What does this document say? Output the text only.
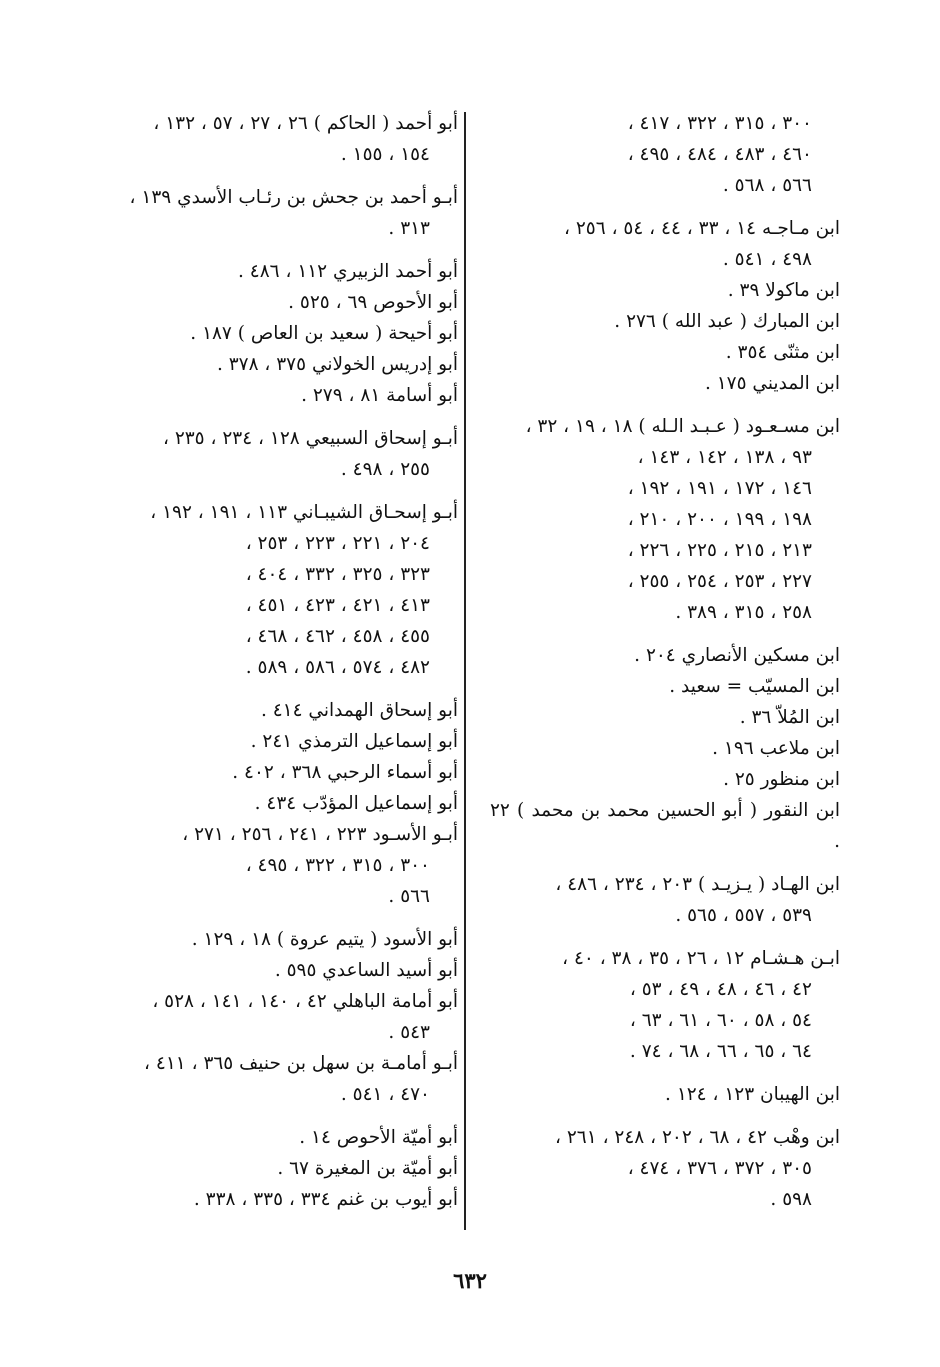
٣٠٠ ، ٣١٥ ، ٣٢٢ ، ٤١٧ ،
٤٦٠ ، ٤٨٣ ، ٤٨٤ ، ٤٩٥ ،
٥٦٦ ، ٥٦٨ .
ابن مـاجـه ١٤ ، ٣٣ ، ٤٤ ، ٥٤ ، ٢٥٦ ،
٤٩٨ ، ٥٤١ .
ابن ماكولا ٣٩ .
ابن المبارك ( عبد الله ) ٢٧٦ .
ابن مثنّى ٣٥٤ .
ابن المديني ١٧٥ .
ابن مسـعـود ( عـبـد الـله ) ١٨ ، ١٩ ، ٣٢ ،
٩٣ ، ١٣٨ ، ١٤٢ ، ١٤٣ ،
١٤٦ ، ١٧٢ ، ١٩١ ، ١٩٢ ،
١٩٨ ، ١٩٩ ، ٢٠٠ ، ٢١٠ ،
٢١٣ ، ٢١٥ ، ٢٢٥ ، ٢٢٦ ،
٢٢٧ ، ٢٥٣ ، ٢٥٤ ، ٢٥٥ ،
٢٥٨ ، ٣١٥ ، ٣٨٩ .
ابن مسكين الأنصاري ٢٠٤ .
ابن المسيّب = سعيد .
ابن المُلاّ ٣٦ .
ابن ملاعب ١٩٦ .
ابن منظور ٢٥ .
ابن النقور ( أبو الحسين محمد بن محمد ) ٢٢ .
ابن الهـاد ( يـزيـد ) ٢٠٣ ، ٢٣٤ ، ٤٨٦ ،
٥٣٩ ، ٥٥٧ ، ٥٦٥ .
ابـن هـشـام ١٢ ، ٢٦ ، ٣٥ ، ٣٨ ، ٤٠ ،
٤٢ ، ٤٦ ، ٤٨ ، ٤٩ ، ٥٣ ،
٥٤ ، ٥٨ ، ٦٠ ، ٦١ ، ٦٣ ،
٦٤ ، ٦٥ ، ٦٦ ، ٦٨ ، ٧٤ .
ابن الهيبان ١٢٣ ، ١٢٤ .
ابن وهْب ٤٢ ، ٦٨ ، ٢٠٢ ، ٢٤٨ ، ٢٦١ ،
٣٠٥ ، ٣٧٢ ، ٣٧٦ ، ٤٧٤ ،
٥٩٨ .
أبو أحمد ( الحاكم ) ٢٦ ، ٢٧ ، ٥٧ ، ١٣٢ ،
١٥٤ ، ١٥٥ .
أبـو أحمد بن جحش بن رئـاب الأسدي ١٣٩ ،
٣١٣ .
أبو أحمد الزبيري ١١٢ ، ٤٨٦ .
أبو الأحوص ٦٩ ، ٥٢٥ .
أبو أحيحة ( سعيد بن العاص ) ١٨٧ .
أبو إدريس الخولاني ٣٧٥ ، ٣٧٨ .
أبو أسامة ٨١ ، ٢٧٩ .
أبـو إسحاق السبيعي ١٢٨ ، ٢٣٤ ، ٢٣٥ ،
٢٥٥ ، ٤٩٨ .
أبـو إسحـاق الشيبـاني ١١٣ ، ١٩١ ، ١٩٢ ،
٢٠٤ ، ٢٢١ ، ٢٢٣ ، ٢٥٣ ،
٣٢٣ ، ٣٢٥ ، ٣٣٢ ، ٤٠٤ ،
٤١٣ ، ٤٢١ ، ٤٢٣ ، ٤٥١ ،
٤٥٥ ، ٤٥٨ ، ٤٦٢ ، ٤٦٨ ،
٤٨٢ ، ٥٧٤ ، ٥٨٦ ، ٥٨٩ .
أبو إسحاق الهمداني ٤١٤ .
أبو إسماعيل الترمذي ٢٤١ .
أبو أسماء الرحبي ٣٦٨ ، ٤٠٢ .
أبو إسماعيل المؤدّب ٤٣٤ .
أبـو الأسـود ٢٢٣ ، ٢٤١ ، ٢٥٦ ، ٢٧١ ،
٣٠٠ ، ٣١٥ ، ٣٢٢ ، ٤٩٥ ،
٥٦٦ .
أبو الأسود ( يتيم عروة ) ١٨ ، ١٢٩ .
أبو أسيد الساعدي ٥٩٥ .
أبو أمامة الباهلي ٤٢ ، ١٤٠ ، ١٤١ ، ٥٢٨ ،
٥٤٣ .
أبـو أمامـة بن سهل بن حنيف ٣٦٥ ، ٤١١ ،
٤٧٠ ، ٥٤١ .
أبو أميّة الأحوص ١٤ .
أبو أميّة بن المغيرة ٦٧ .
أبو أيوب بن غنم ٣٣٤ ، ٣٣٥ ، ٣٣٨ .
٦٣٢
